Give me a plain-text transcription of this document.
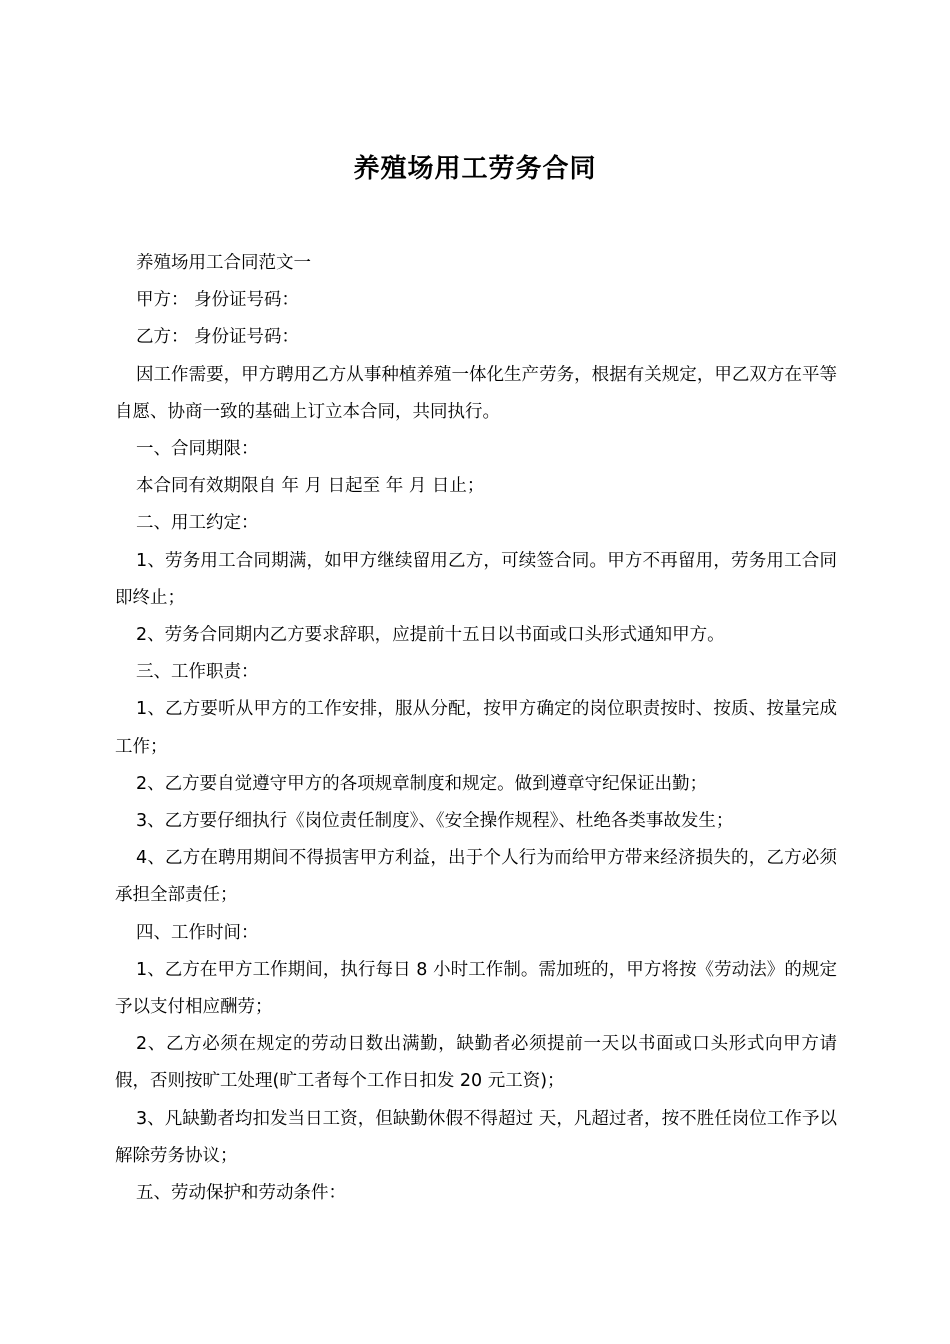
养殖场用工劳务合同

养殖场用工合同范文一

甲方： 身份证号码：

乙方： 身份证号码：

因工作需要，甲方聘用乙方从事种植养殖一体化生产劳务，根据有关规定，甲乙双方在平等自愿、协商一致的基础上订立本合同，共同执行。

一、合同期限：

本合同有效期限自 年 月 日起至 年 月 日止；

二、用工约定：

1、劳务用工合同期满，如甲方继续留用乙方，可续签合同。甲方不再留用，劳务用工合同即终止；

2、劳务合同期内乙方要求辞职，应提前十五日以书面或口头形式通知甲方。

三、工作职责：

1、乙方要听从甲方的工作安排，服从分配，按甲方确定的岗位职责按时、按质、按量完成工作；

2、乙方要自觉遵守甲方的各项规章制度和规定。做到遵章守纪保证出勤；

3、乙方要仔细执行《岗位责任制度》、《安全操作规程》、杜绝各类事故发生；

4、乙方在聘用期间不得损害甲方利益，出于个人行为而给甲方带来经济损失的，乙方必须承担全部责任；

四、工作时间：

1、乙方在甲方工作期间，执行每日 8 小时工作制。需加班的，甲方将按《劳动法》的规定予以支付相应酬劳；

2、乙方必须在规定的劳动日数出满勤，缺勤者必须提前一天以书面或口头形式向甲方请假，否则按旷工处理(旷工者每个工作日扣发 20 元工资)；

3、凡缺勤者均扣发当日工资，但缺勤休假不得超过 天，凡超过者，按不胜任岗位工作予以解除劳务协议；

五、劳动保护和劳动条件：
